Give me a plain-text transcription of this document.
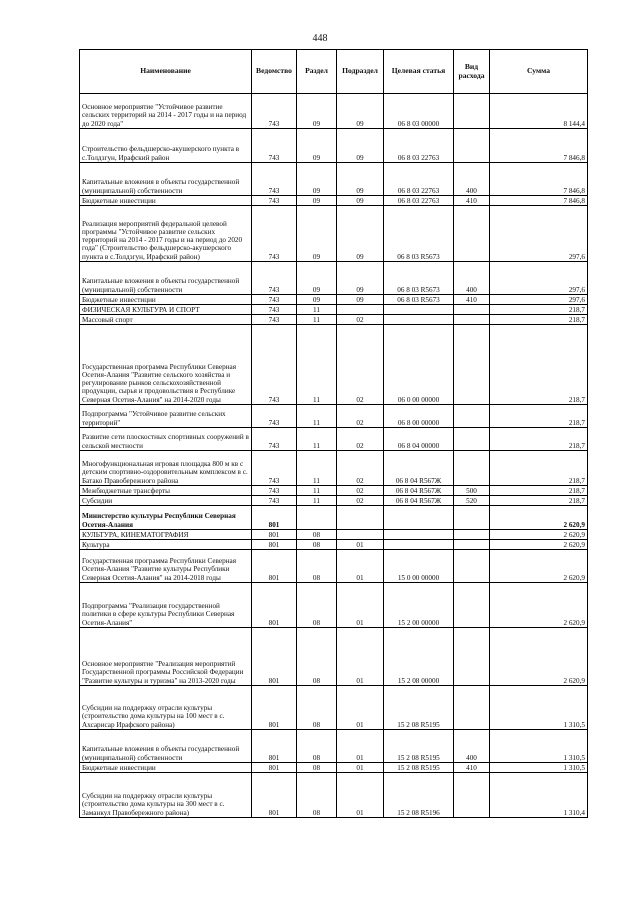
448
Наименование	Ведомство	Раздел	Подраздел	Целевая статья	Вид расхода	Сумма
Основное мероприятие "Устойчивое развитие сельских территорий на 2014 - 2017 годы и на период до 2020 года"	743	09	09	06 8 03 00000		8 144,4
Строительство фельдшерско-акушерского пункта в с.Толдзгун, Ирафский район	743	09	09	06 8 03 22763		7 846,8
Капитальные вложения в объекты государственной (муниципальной) собственности	743	09	09	06 8 03 22763	400	7 846,8
Бюджетные инвестиции	743	09	09	06 8 03 22763	410	7 846,8
Реализация мероприятий федеральной целевой программы "Устойчивое развитие сельских территорий на 2014 - 2017 годы и на период до 2020 года" (Строительство фельдшерско-акушерского пункта в с.Толдзгун, Ирафский район)	743	09	09	06 8 03 R5673		297,6
Капитальные вложения в объекты государственной (муниципальной) собственности	743	09	09	06 8 03 R5673	400	297,6
Бюджетные инвестиции	743	09	09	06 8 03 R5673	410	297,6
ФИЗИЧЕСКАЯ КУЛЬТУРА И СПОРТ	743	11				218,7
Массовый спорт	743	11	02			218,7
Государственная программа Республики Северная Осетия-Алания "Развитие сельского хозяйства и регулирование рынков сельскохозяйственной продукции, сырья и продовольствия в Республике Северная Осетия-Алания" на 2014-2020 годы	743	11	02	06 0 00 00000		218,7
Подпрограмма "Устойчивое развитие сельских территорий"	743	11	02	06 8 00 00000		218,7
Развитие сети плоскостных спортивных сооружений в сельской местности	743	11	02	06 8 04 00000		218,7
Многофункциональная игровая площадка 800 м кв с детским спортивно-оздоровительным комплексом в с. Батако Правобережного района	743	11	02	06 8 04 R567Ж		218,7
Межбюджетные трансферты	743	11	02	06 8 04 R567Ж	500	218,7
Субсидии	743	11	02	06 8 04 R567Ж	520	218,7
Министерство культуры Республики Северная Осетия-Алания	801					2 620,9
КУЛЬТУРА, КИНЕМАТОГРАФИЯ	801	08				2 620,9
Культура	801	08	01			2 620,9
Государственная программа Республики Северная Осетия-Алания "Развитие культуры Республики Северная Осетия-Алания" на 2014-2018 годы	801	08	01	15 0 00 00000		2 620,9
Подпрограмма "Реализация государственной политики в сфере культуры Республики Северная Осетия-Алания"	801	08	01	15 2 00 00000		2 620,9
Основное мероприятие "Реализация мероприятий Государственной программы Российской Федерации "Развитие культуры и туризма" на 2013-2020 годы	801	08	01	15 2 08 00000		2 620,9
Субсидии на поддержку отрасли культуры (строительство дома культуры на 100 мест в с. Ахсарисар Ирафского района)	801	08	01	15 2 08 R5195		1 310,5
Капитальные вложения в объекты государственной (муниципальной) собственности	801	08	01	15 2 08 R5195	400	1 310,5
Бюджетные инвестиции	801	08	01	15 2 08 R5195	410	1 310,5
Субсидии на поддержку отрасли культуры (строительство дома культуры на 300 мест в с. Заманкул Правобережного района)	801	08	01	15 2 08 R5196		1 310,4
